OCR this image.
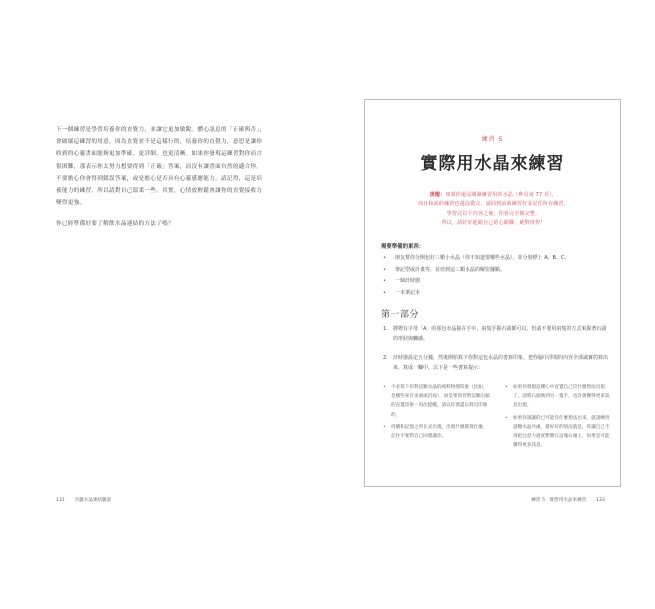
下一個練習是學習培養你的直覺力，並讓它更加敏銳。體心訊息的「正確與否」，會破壞這練習的用意，因為直覺並不是這樣行的，培養你的直覺力，意思是讓你收到的心靈書面能夠更加準確、更詳細，也更清晰。如果你發現這練習對你而言很困難，那表示你太努力想要得到「正確」答案，而沒有讓書面自然的適合你。不要擔心你會得到錯誤答案，或是擔心是否具有心靈感應能力。請記得，這是培養能力的練習，所以請對自己溫柔一些。其實，心情放輕鬆會讓你的直覺接收力變得更強。

你已經準備好要了解飲水晶連結的方法了嗎？

131 吾聽水晶連結聽說
練習 5
實際用水晶來練習

提醒：如果你還沒閱讀練習用的水晶（參見第 77 頁），
而且和面的練習也還沒做完，請回到前面練習好並記住所有練習，
學習完以下內容之後，你會完全做完整。
所以，請好好地跟自己的心願聯，絕對值得！

需要準備的東西：

• 朋友幫你分開包好三顆小水晶（你不知道要哪些水晶），並分別標上 A、B、C。
• 筆記型或計畫等，並放到這三顆水晶的解密據點。
• 一個計時器
• 一本筆記本

第一部分

1.	將標有字母「A」的那包水晶握在手中，兩隻手握石頭都可以，但請不要用兩隻的方式來握著石頭的形狀與觸感。
2.	計時器設定五分鐘，然後開始寫下你對這包水晶的書寫印象，把你腦中浮現的內容全部誠實的寫出來，寫成一欄中，以下是一些書寫提示：
• 不必寫下你對這顆水晶的純粹物理印象（比如，是哪些來有多重或沉甸），而是要寫你對這顆石頭的直覺印象－再次提醒，請以你要盡以寫出印象的。
• 持續和記憶之所在式出現，出現什麼就寫什麼，記住不要對自己回想讓你。
• 如果你發現這種心中直覺自己沒什麼想法出現了，請將石頭換到另一隻手，也許會獲得更多訊息出現。
• 如果你請讓的已可能沒什麼想法出來，就請練習請顆水晶共處，最好好的情況就是，你讓自己不再把注意力過度繁雜在這塊石頭上，如果是可能獲得更多訊息。
練習 5　實際用水晶來練習 133
